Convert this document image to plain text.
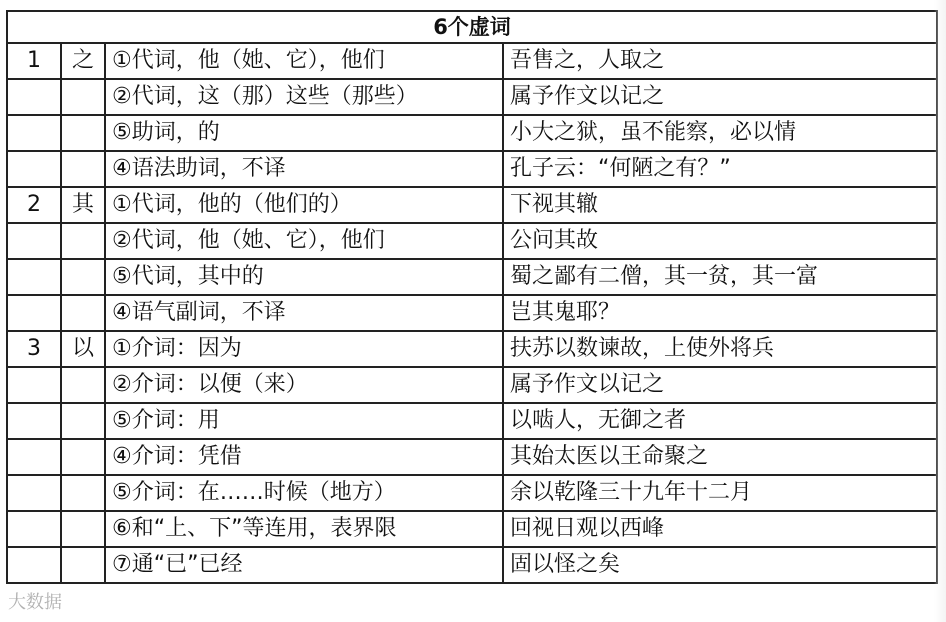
6个虚词			
1	之	①代词，他（她、它），他们	吾售之，人取之
		②代词，这（那）这些（那些）	属予作文以记之
		⑤助词，的	小大之狱，虽不能察，必以情
		④语法助词，不译	孔子云：“何陋之有？”
2	其	①代词，他的（他们的）	下视其辙
		②代词，他（她、它），他们	公问其故
		⑤代词，其中的	蜀之鄙有二僧，其一贫，其一富
		④语气副词，不译	岂其鬼耶？
3	以	①介词：因为	扶苏以数谏故，上使外将兵
		②介词：以便（来）	属予作文以记之
		⑤介词：用	以啮人，无御之者
		④介词：凭借	其始太医以王命聚之
		⑤介词：在……时候（地方）	余以乾隆三十九年十二月
		⑥和“上、下”等连用，表界限	回视日观以西峰
		⑦通“已”已经	固以怪之矣
大数据
